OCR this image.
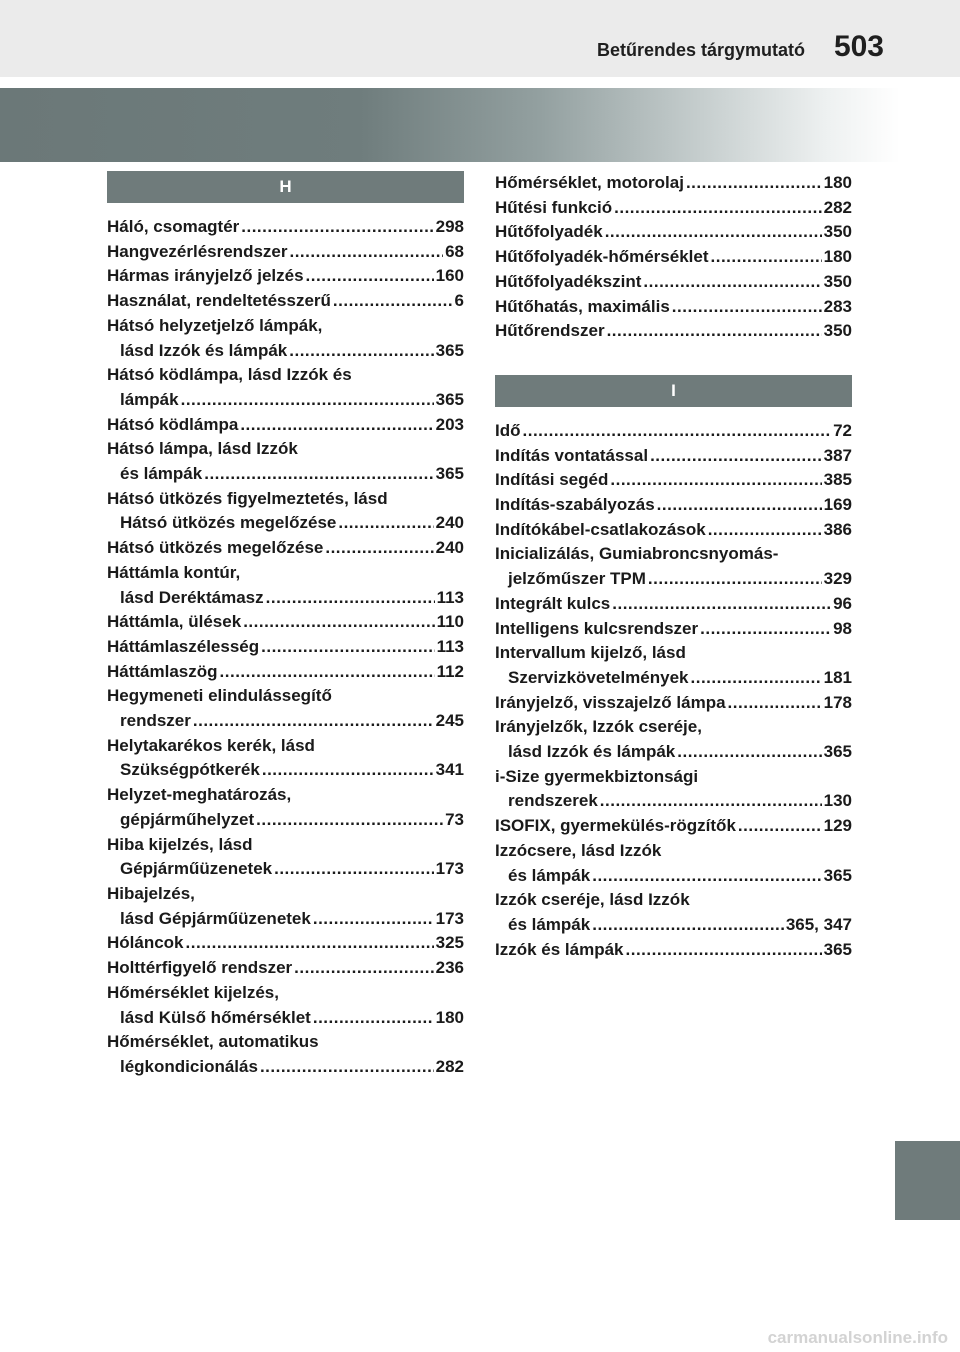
Betűrendes tárgymutató 503
H
Háló, csomagtér .....	298
Hangvezérlésrendszer .....	68
Hármas irányjelző jelzés .....	160
Használat, rendeltetésszerű .....	6
Hátsó helyzetjelző lámpák,
lásd Izzók és lámpák .....	365
Hátsó ködlámpa, lásd Izzók és
lámpák .....	365
Hátsó ködlámpa .....	203
Hátsó lámpa, lásd Izzók
és lámpák .....	365
Hátsó ütközés figyelmeztetés, lásd
Hátsó ütközés megelőzése .....	240
Hátsó ütközés megelőzése .....	240
Háttámla kontúr,
lásd Deréktámasz .....	113
Háttámla, ülések .....	110
Háttámlaszélesség .....	113
Háttámlaszög .....	112
Hegymeneti elindulássegítő
rendszer .....	245
Helytakarékos kerék, lásd
Szükségpótkerék .....	341
Helyzet-meghatározás,
gépjárműhelyzet .....	73
Hiba kijelzés, lásd
Gépjárműüzenetek .....	173
Hibajelzés,
lásd Gépjárműüzenetek .....	173
Hóláncok .....	325
Holttérfigyelő rendszer .....	236
Hőmérséklet kijelzés,
lásd Külső hőmérséklet .....	180
Hőmérséklet, automatikus
légkondicionálás .....	282
Hőmérséklet, motorolaj .....	180
Hűtési funkció .....	282
Hűtőfolyadék .....	350
Hűtőfolyadék-hőmérséklet .....	180
Hűtőfolyadékszint .....	350
Hűtőhatás, maximális .....	283
Hűtőrendszer .....	350
I
Idő .....	72
Indítás vontatással .....	387
Indítási segéd .....	385
Indítás-szabályozás .....	169
Indítókábel-csatlakozások .....	386
Inicializálás, Gumiabroncsnyomás-
jelzőműszer TPM .....	329
Integrált kulcs .....	96
Intelligens kulcsrendszer .....	98
Intervallum kijelző, lásd
Szervizkövetelmények .....	181
Irányjelző, visszajelző lámpa .....	178
Irányjelzők, Izzók cseréje,
lásd Izzók és lámpák .....	365
i-Size gyermekbiztonsági
rendszerek .....	130
ISOFIX, gyermekülés-rögzítők .....	129
Izzócsere, lásd Izzók
és lámpák .....	365
Izzók cseréje, lásd Izzók
és lámpák .....	365, 347
Izzók és lámpák .....	365
carmanualsonline.info
